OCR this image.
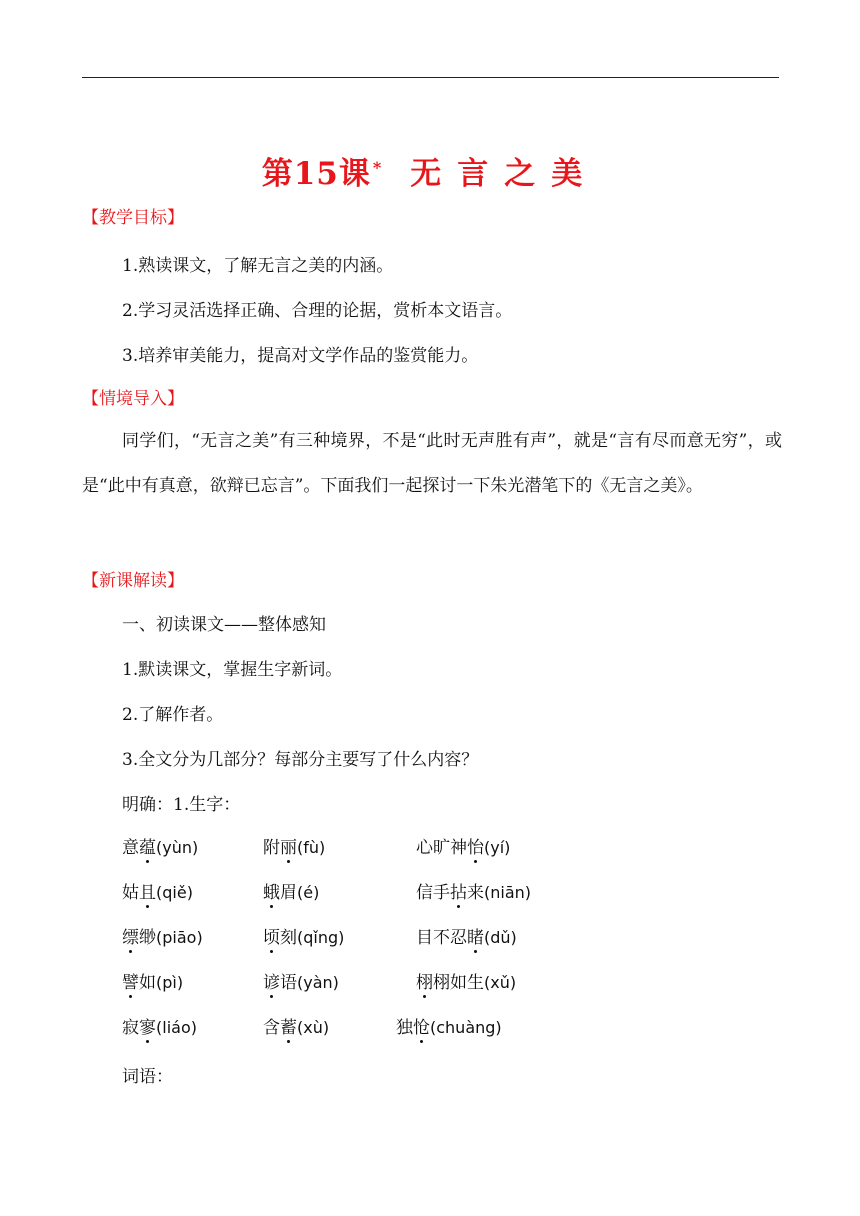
第15课 * 无言之美
【教学目标】
1.熟读课文，了解无言之美的内涵。
2.学习灵活选择正确、合理的论据，赏析本文语言。
3.培养审美能力，提高对文学作品的鉴赏能力。
【情境导入】
同学们，“无言之美”有三种境界，不是“此时无声胜有声”，就是“言有尽而意无穷”，或是“此中有真意，欲辩已忘言”。下面我们一起探讨一下朱光潜笔下的《无言之美》。
【新课解读】
一、初读课文——整体感知
1.默读课文，掌握生字新词。
2.了解作者。
3.全文分为几部分？每部分主要写了什么内容？
明确：1.生字：
意蕴(yùn)	附丽(fù)	心旷神怡(yí)
姑且(qiě)	蛾眉(é)	信手拈来(niān)
缥缈(piāo)	顷刻(qǐng)	目不忍睹(dǔ)
譬如(pì)	谚语(yàn)	栩栩如生(xǔ)
寂寥(liáo)	含蓄(xù)	独怆(chuàng)
词语：
